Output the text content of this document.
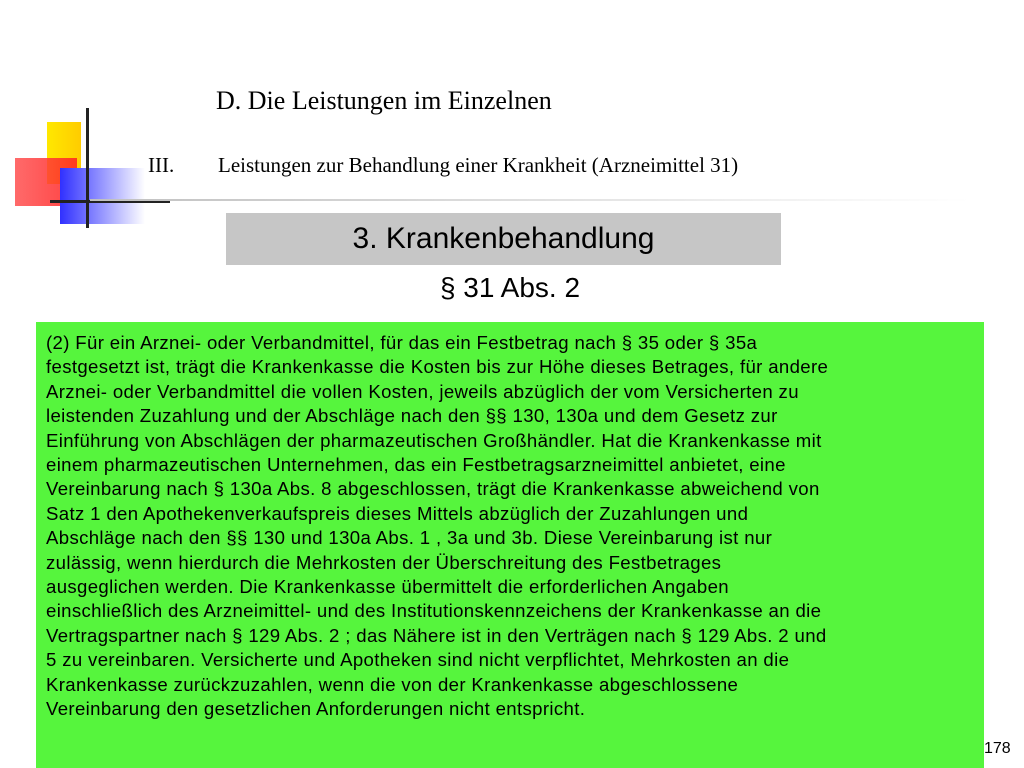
D. Die Leistungen im Einzelnen
III. Leistungen zur Behandlung einer Krankheit (Arzneimittel 31)
3. Krankenbehandlung
§ 31 Abs. 2
(2) Für ein Arznei- oder Verbandmittel, für das ein Festbetrag nach § 35 oder § 35a
festgesetzt ist, trägt die Krankenkasse die Kosten bis zur Höhe dieses Betrages, für andere
Arznei- oder Verbandmittel die vollen Kosten, jeweils abzüglich der vom Versicherten zu
leistenden Zuzahlung und der Abschläge nach den §§ 130, 130a und dem Gesetz zur
Einführung von Abschlägen der pharmazeutischen Großhändler. Hat die Krankenkasse mit
einem pharmazeutischen Unternehmen, das ein Festbetragsarzneimittel anbietet, eine
Vereinbarung nach § 130a Abs. 8 abgeschlossen, trägt die Krankenkasse abweichend von
Satz 1 den Apothekenverkaufspreis dieses Mittels abzüglich der Zuzahlungen und
Abschläge nach den §§ 130 und 130a Abs. 1 , 3a und 3b. Diese Vereinbarung ist nur
zulässig, wenn hierdurch die Mehrkosten der Überschreitung des Festbetrages
ausgeglichen werden. Die Krankenkasse übermittelt die erforderlichen Angaben
einschließlich des Arzneimittel- und des Institutionskennzeichens der Krankenkasse an die
Vertragspartner nach § 129 Abs. 2 ; das Nähere ist in den Verträgen nach § 129 Abs. 2 und
5 zu vereinbaren. Versicherte und Apotheken sind nicht verpflichtet, Mehrkosten an die
Krankenkasse zurückzuzahlen, wenn die von der Krankenkasse abgeschlossene
Vereinbarung den gesetzlichen Anforderungen nicht entspricht.
178
